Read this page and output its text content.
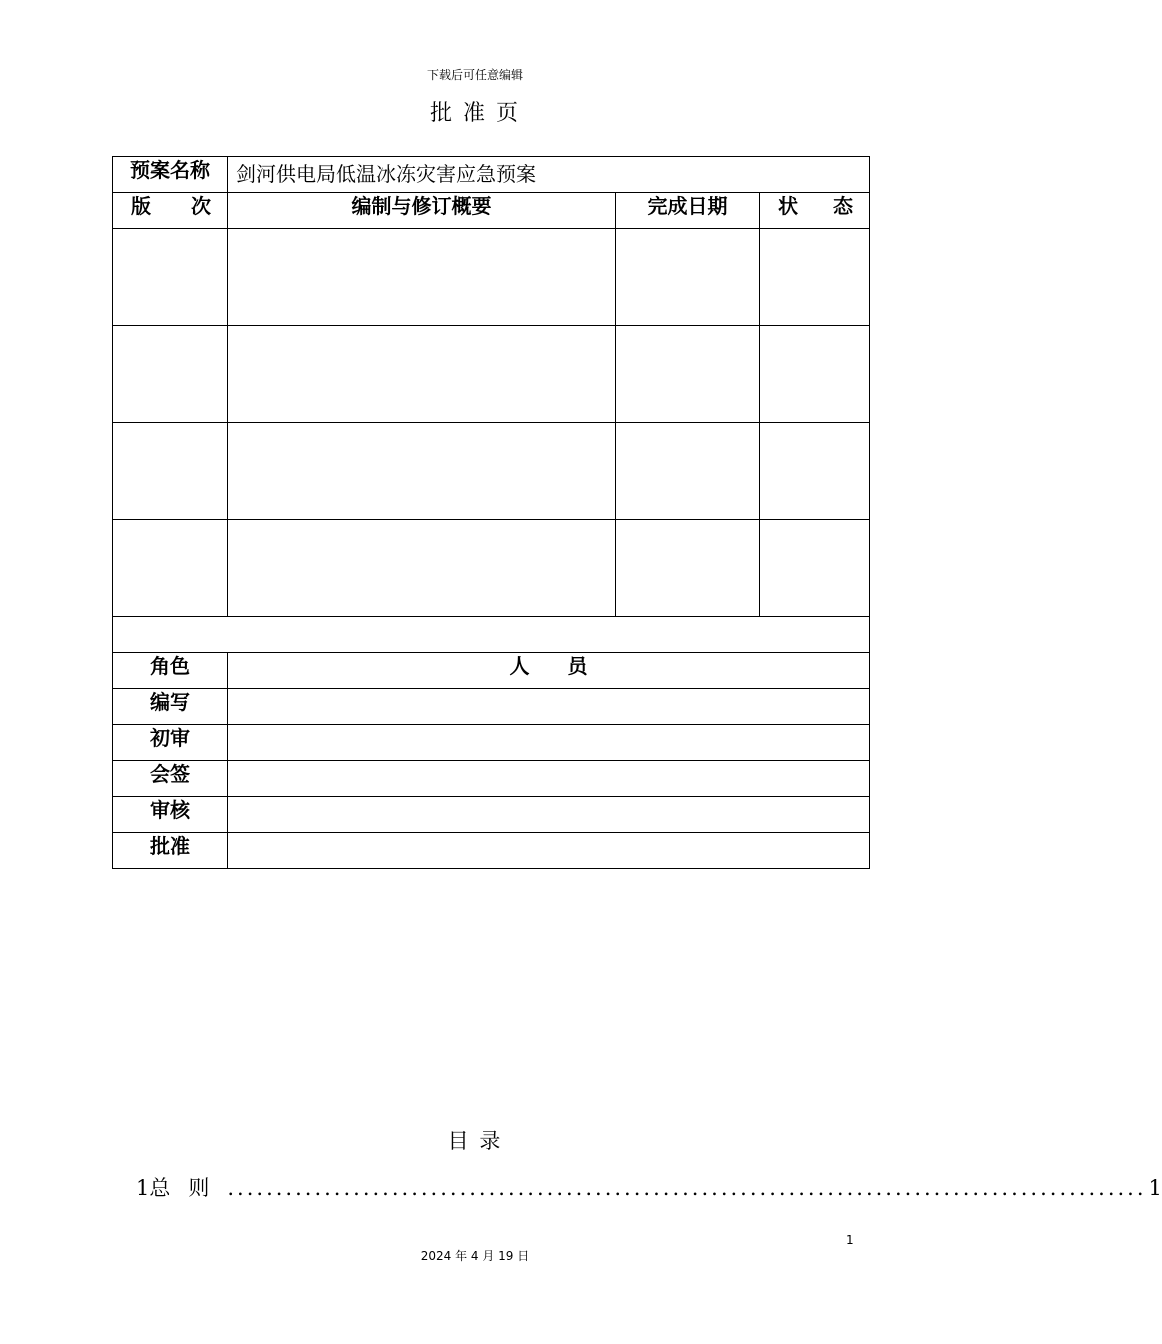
下载后可任意编辑
批 准 页
预案名称	剑河供电局低温冰冻灾害应急预案		

版 次	编制与修订概要	完成日期	状 态

角色	人 员		
编写			
初审			
会签			
审核			
批准			
目 录
1 总则 ............................................................................................... 1
1
2024 年 4 月 19 日
